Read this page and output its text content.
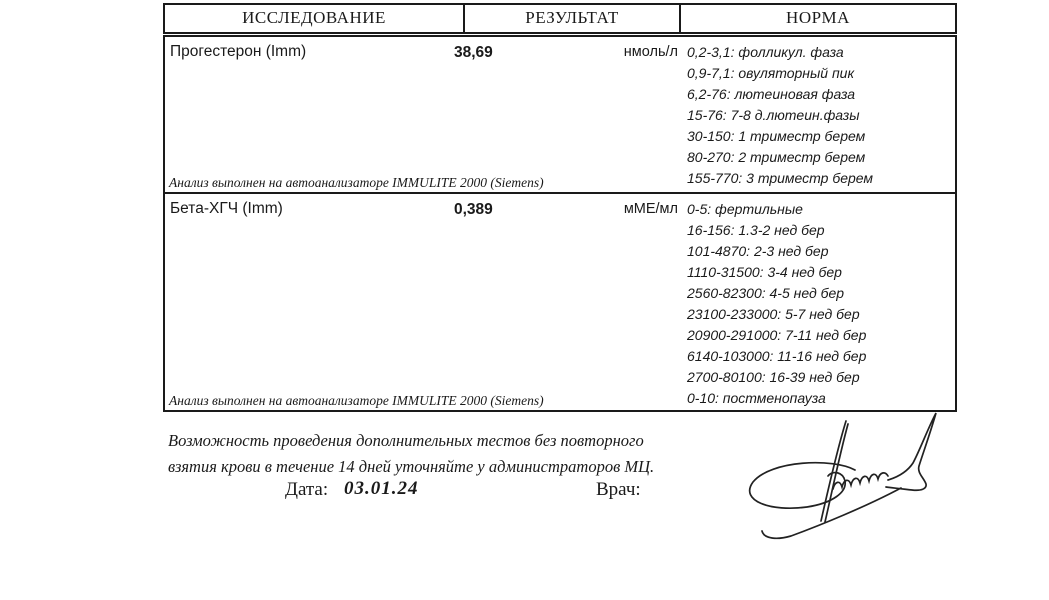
ИССЛЕДОВАНИЕ	РЕЗУЛЬТАТ	НОРМА
Прогестерон (Imm)	38,69	нмоль/л 0,2-3,1: фолликул. фаза
0,9-7,1: овуляторный пик
6,2-76: лютеиновая фаза
15-76: 7-8 д.лютеин.фазы
30-150: 1 триместр берем
80-270: 2 триместр берем
155-770: 3 триместр берем
Анализ выполнен на автоанализаторе IMMULITE 2000 (Siemens)
Бета-ХГЧ (Imm)	0,389	мМЕ/мл 0-5: фертильные
16-156: 1.3-2 нед бер
101-4870: 2-3 нед бер
1110-31500: 3-4 нед бер
2560-82300: 4-5 нед бер
23100-233000: 5-7 нед бер
20900-291000: 7-11 нед бер
6140-103000: 11-16 нед бер
2700-80100: 16-39 нед бер
0-10: постменопауза
Анализ выполнен на автоанализаторе IMMULITE 2000 (Siemens)
Возможность проведения дополнительных тестов без повторного
взятия крови в течение 14 дней уточняйте у администраторов МЦ.
Дата: 03.01.24	Врач:
